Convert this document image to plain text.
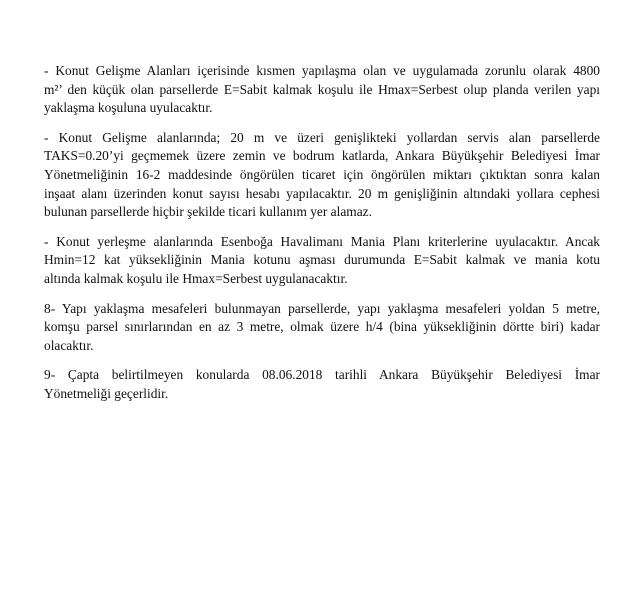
- Konut Gelişme Alanları içerisinde kısmen yapılaşma olan ve uygulamada zorunlu olarak 4800
m²’ den küçük olan parsellerde E=Sabit kalmak koşulu ile Hmax=Serbest olup planda verilen yapı
yaklaşma koşuluna uyulacaktır.

- Konut Gelişme alanlarında; 20 m ve üzeri genişlikteki yollardan servis alan parsellerde
TAKS=0.20’yi geçmemek üzere zemin ve bodrum katlarda, Ankara Büyükşehir Belediyesi İmar
Yönetmeliğinin 16-2 maddesinde öngörülen ticaret için öngörülen miktarı çıktıktan sonra kalan
inşaat alanı üzerinden konut sayısı hesabı yapılacaktır. 20 m genişliğinin altındaki yollara cephesi
bulunan parsellerde hiçbir şekilde ticari kullanım yer alamaz.

- Konut yerleşme alanlarında Esenboğa Havalimanı Mania Planı kriterlerine uyulacaktır. Ancak
Hmin=12 kat yüksekliğinin Mania kotunu aşması durumunda E=Sabit kalmak ve mania kotu
altında kalmak koşulu ile Hmax=Serbest uygulanacaktır.

8- Yapı yaklaşma mesafeleri bulunmayan parsellerde, yapı yaklaşma mesafeleri yoldan 5 metre,
komşu parsel sınırlarından en az 3 metre, olmak üzere h/4 (bina yüksekliğinin dörtte biri) kadar
olacaktır.

9- Çapta belirtilmeyen konularda 08.06.2018 tarihli Ankara Büyükşehir Belediyesi İmar
Yönetmeliği geçerlidir.
